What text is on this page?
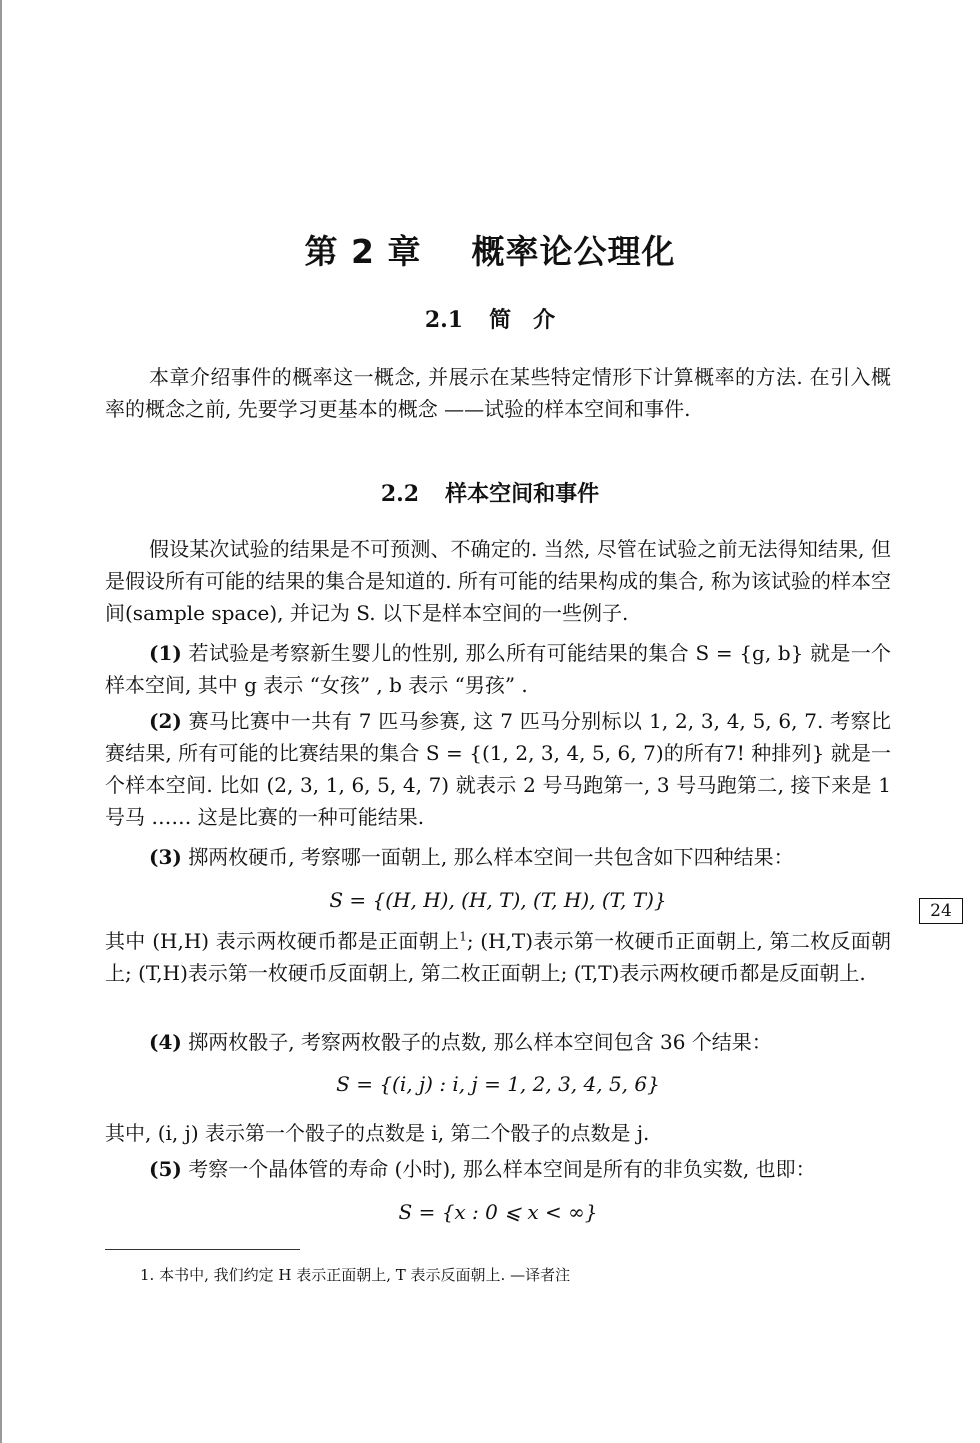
第 2 章    概率论公理化
2.1 简　介

本章介绍事件的概率这一概念, 并展示在某些特定情形下计算概率的方法. 在引入概率的概念之前, 先要学习更基本的概念 ——试验的样本空间和事件.

2.2 样本空间和事件

假设某次试验的结果是不可预测、不确定的. 当然, 尽管在试验之前无法得知结果, 但是假设所有可能的结果的集合是知道的. 所有可能的结果构成的集合, 称为该试验的样本空间(sample space), 并记为 S. 以下是样本空间的一些例子.

(1) 若试验是考察新生婴儿的性别, 那么所有可能结果的集合 S = {g, b} 就是一个样本空间, 其中 g 表示 “女孩” , b 表示 “男孩” .

(2) 赛马比赛中一共有 7 匹马参赛, 这 7 匹马分别标以 1, 2, 3, 4, 5, 6, 7. 考察比赛结果, 所有可能的比赛结果的集合 S = {(1, 2, 3, 4, 5, 6, 7)的所有7! 种排列} 就是一个样本空间. 比如 (2, 3, 1, 6, 5, 4, 7) 就表示 2 号马跑第一, 3 号马跑第二, 接下来是 1 号马 …… 这是比赛的一种可能结果.

(3) 掷两枚硬币, 考察哪一面朝上, 那么样本空间一共包含如下四种结果：

S = {(H, H), (H, T), (T, H), (T, T)}	24

其中 (H,H) 表示两枚硬币都是正面朝上$^1$; (H,T)表示第一枚硬币正面朝上, 第二枚反面朝上; (T,H)表示第一枚硬币反面朝上, 第二枚正面朝上; (T,T)表示两枚硬币都是反面朝上.

(4) 掷两枚骰子, 考察两枚骰子的点数, 那么样本空间包含 36 个结果：

S = {(i, j) : i, j = 1, 2, 3, 4, 5, 6}

其中, (i, j) 表示第一个骰子的点数是 i, 第二个骰子的点数是 j.

(5) 考察一个晶体管的寿命 (小时), 那么样本空间是所有的非负实数, 也即：

S = {x : 0 ⩽ x < ∞}

1. 本书中, 我们约定 H 表示正面朝上, T 表示反面朝上. —译者注
